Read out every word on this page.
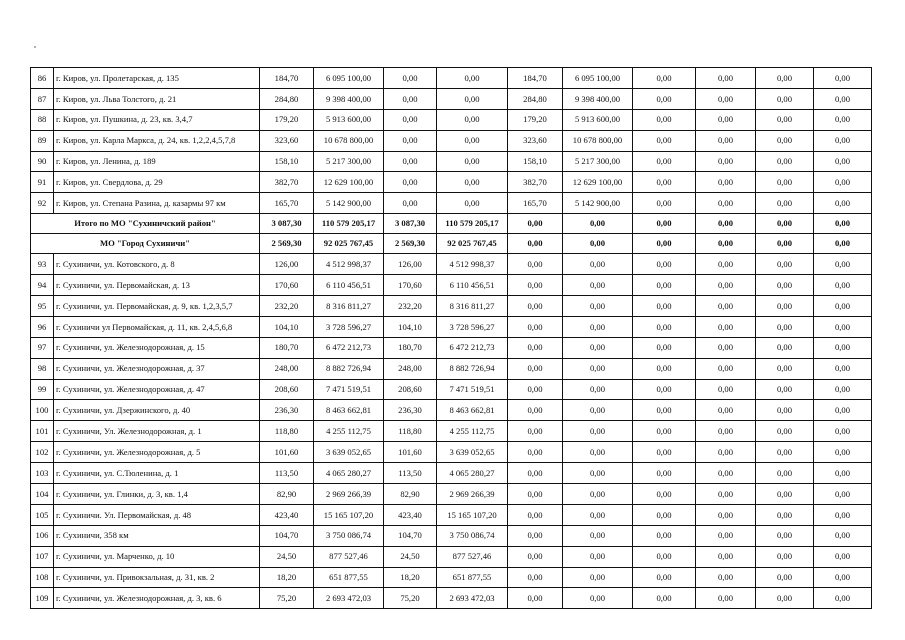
86	г. Киров, ул. Пролетарская, д. 135	184,70	6 095 100,00	0,00	0,00	184,70	6 095 100,00	0,00	0,00	0,00	0,00
87	г. Киров, ул. Льва Толстого, д. 21	284,80	9 398 400,00	0,00	0,00	284,80	9 398 400,00	0,00	0,00	0,00	0,00
88	г. Киров, ул. Пушкина, д. 23, кв. 3,4,7	179,20	5 913 600,00	0,00	0,00	179,20	5 913 600,00	0,00	0,00	0,00	0,00
89	г. Киров, ул. Карла Маркса, д. 24, кв. 1,2,2,4,5,7,8	323,60	10 678 800,00	0,00	0,00	323,60	10 678 800,00	0,00	0,00	0,00	0,00
90	г. Киров, ул. Ленина, д. 189	158,10	5 217 300,00	0,00	0,00	158,10	5 217 300,00	0,00	0,00	0,00	0,00
91	г. Киров, ул. Свердлова, д. 29	382,70	12 629 100,00	0,00	0,00	382,70	12 629 100,00	0,00	0,00	0,00	0,00
92	г. Киров, ул. Степана Разина, д. казармы 97 км	165,70	5 142 900,00	0,00	0,00	165,70	5 142 900,00	0,00	0,00	0,00	0,00
Итого по МО "Сухиничский район"		3 087,30	110 579 205,17	3 087,30	110 579 205,17	0,00	0,00	0,00	0,00	0,00	0,00
МО "Город Сухиничи"		2 569,30	92 025 767,45	2 569,30	92 025 767,45	0,00	0,00	0,00	0,00	0,00	0,00
93	г. Сухиничи, ул. Котовского, д. 8	126,00	4 512 998,37	126,00	4 512 998,37	0,00	0,00	0,00	0,00	0,00	0,00
94	г. Сухиничи, ул. Первомайская, д. 13	170,60	6 110 456,51	170,60	6 110 456,51	0,00	0,00	0,00	0,00	0,00	0,00
95	г. Сухиничи, ул. Первомайская, д. 9, кв. 1,2,3,5,7	232,20	8 316 811,27	232,20	8 316 811,27	0,00	0,00	0,00	0,00	0,00	0,00
96	г. Сухиничи ул Первомайская, д. 11, кв. 2,4,5,6,8	104,10	3 728 596,27	104,10	3 728 596,27	0,00	0,00	0,00	0,00	0,00	0,00
97	г. Сухиничи, ул. Железнодорожная, д. 15	180,70	6 472 212,73	180,70	6 472 212,73	0,00	0,00	0,00	0,00	0,00	0,00
98	г. Сухиничи, ул. Железнодорожная, д. 37	248,00	8 882 726,94	248,00	8 882 726,94	0,00	0,00	0,00	0,00	0,00	0,00
99	г. Сухиничи, ул. Железнодорожная, д. 47	208,60	7 471 519,51	208,60	7 471 519,51	0,00	0,00	0,00	0,00	0,00	0,00
100	г. Сухиничи, ул. Дзержинского, д. 40	236,30	8 463 662,81	236,30	8 463 662,81	0,00	0,00	0,00	0,00	0,00	0,00
101	г. Сухиничи, Ул. Железнодорожная, д. 1	118,80	4 255 112,75	118,80	4 255 112,75	0,00	0,00	0,00	0,00	0,00	0,00
102	г. Сухиничи, ул. Железнодорожная, д. 5	101,60	3 639 052,65	101,60	3 639 052,65	0,00	0,00	0,00	0,00	0,00	0,00
103	г. Сухиничи, ул. С.Тюленина, д. 1	113,50	4 065 280,27	113,50	4 065 280,27	0,00	0,00	0,00	0,00	0,00	0,00
104	г. Сухиничи, ул. Глинки, д. 3, кв. 1,4	82,90	2 969 266,39	82,90	2 969 266,39	0,00	0,00	0,00	0,00	0,00	0,00
105	г. Сухиничи. Ул. Первомайская, д. 48	423,40	15 165 107,20	423,40	15 165 107,20	0,00	0,00	0,00	0,00	0,00	0,00
106	г. Сухиничи, 358 км	104,70	3 750 086,74	104,70	3 750 086,74	0,00	0,00	0,00	0,00	0,00	0,00
107	г. Сухиничи, ул. Марченко, д. 10	24,50	877 527,46	24,50	877 527,46	0,00	0,00	0,00	0,00	0,00	0,00
108	г. Сухиничи, ул. Привокзальная, д. 31, кв. 2	18,20	651 877,55	18,20	651 877,55	0,00	0,00	0,00	0,00	0,00	0,00
109	г. Сухиничи, ул. Железнодорожная, д. 3, кв. 6	75,20	2 693 472,03	75,20	2 693 472,03	0,00	0,00	0,00	0,00	0,00	0,00
